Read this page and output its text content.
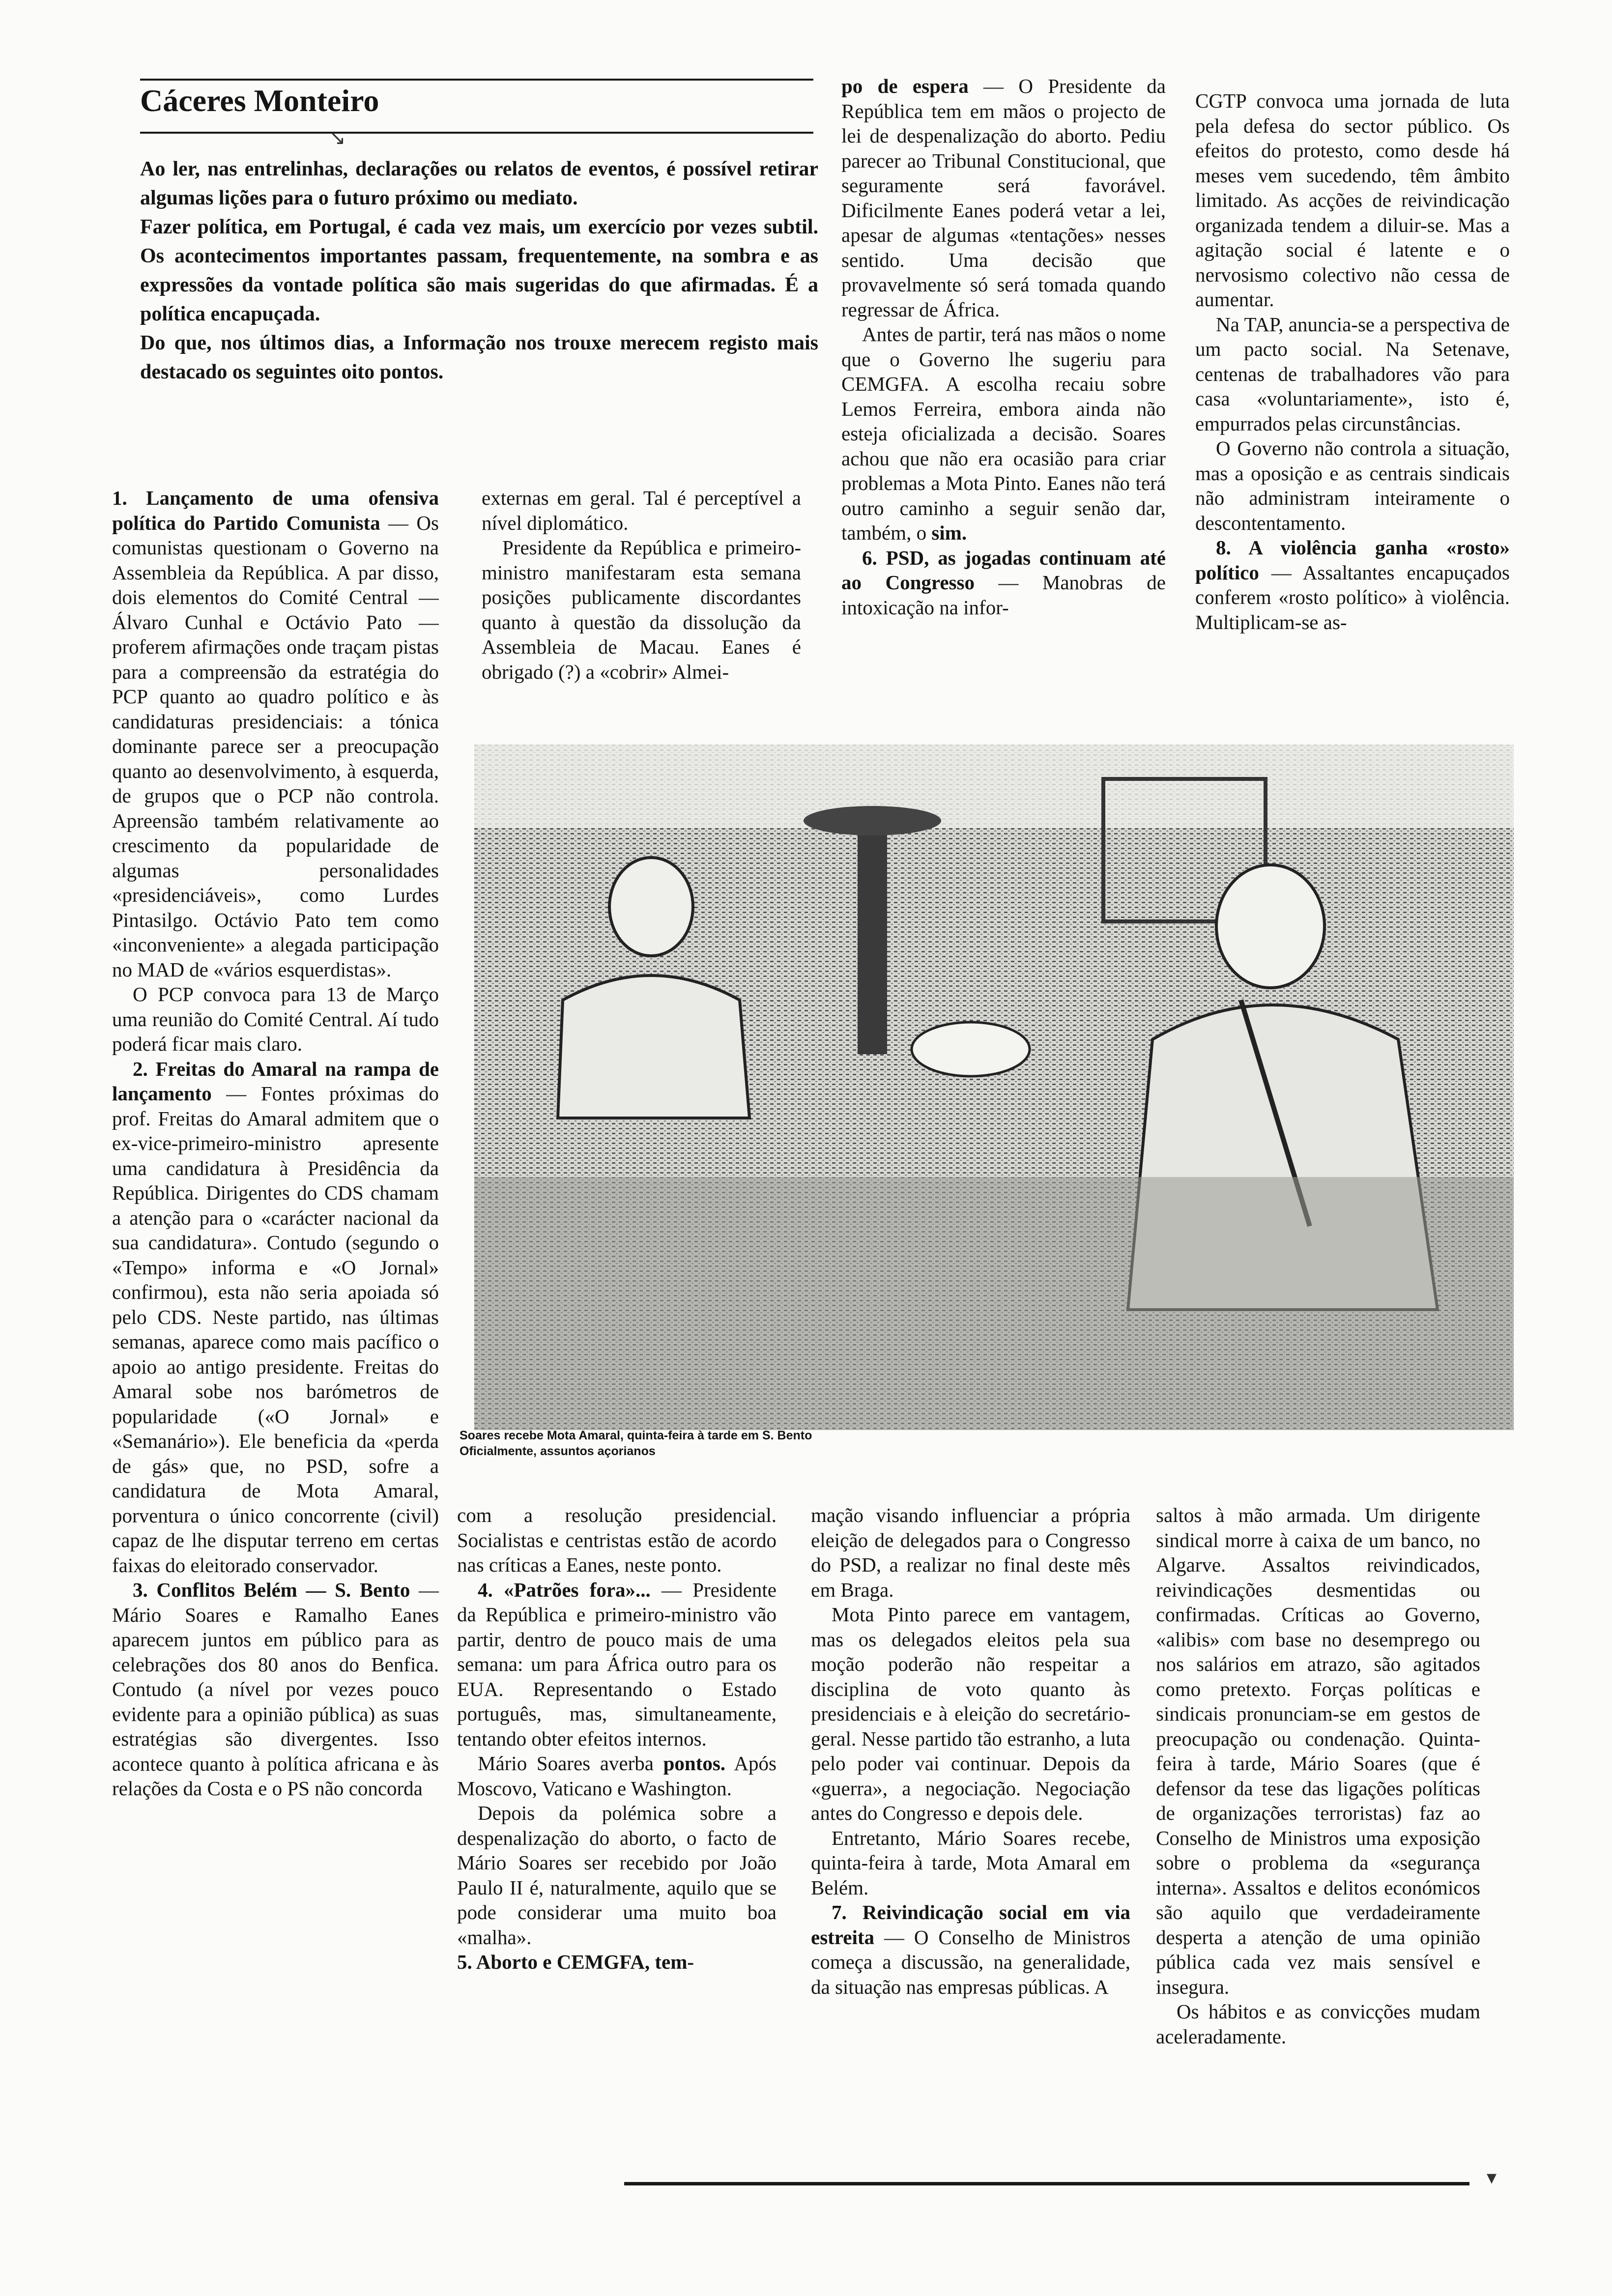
Cáceres Monteiro
↘

Ao ler, nas entrelinhas, declarações ou relatos de eventos, é possível retirar algumas lições para o futuro próximo ou mediato.

Fazer política, em Portugal, é cada vez mais, um exercício por vezes subtil. Os acontecimentos importantes passam, frequentemente, na sombra e as expressões da vontade política são mais sugeridas do que afirmadas. É a política encapuçada.

Do que, nos últimos dias, a Informação nos trouxe merecem registo mais destacado os seguintes oito pontos.

1. Lançamento de uma ofensiva política do Partido Comunista — Os comunistas questionam o Governo na Assembleia da República. A par disso, dois elementos do Comité Central — Álvaro Cunhal e Octávio Pato — proferem afirmações onde traçam pistas para a compreensão da estratégia do PCP quanto ao quadro político e às candidaturas presidenciais: a tónica dominante parece ser a preocupação quanto ao desenvolvimento, à esquerda, de grupos que o PCP não controla. Apreensão também relativamente ao crescimento da popularidade de algumas personalidades «presidenciáveis», como Lurdes Pintasilgo. Octávio Pato tem como «inconveniente» a alegada participação no MAD de «vários esquerdistas».

O PCP convoca para 13 de Março uma reunião do Comité Central. Aí tudo poderá ficar mais claro.

2. Freitas do Amaral na rampa de lançamento — Fontes próximas do prof. Freitas do Amaral admitem que o ex-vice-primeiro-ministro apresente uma candidatura à Presidência da República. Dirigentes do CDS chamam a atenção para o «carácter nacional da sua candidatura». Contudo (segundo o «Tempo» informa e «O Jornal» confirmou), esta não seria apoiada só pelo CDS. Neste partido, nas últimas semanas, aparece como mais pacífico o apoio ao antigo presidente. Freitas do Amaral sobe nos barómetros de popularidade («O Jornal» e «Semanário»). Ele beneficia da «perda de gás» que, no PSD, sofre a candidatura de Mota Amaral, porventura o único concorrente (civil) capaz de lhe disputar terreno em certas faixas do eleitorado conservador.

3. Conflitos Belém — S. Bento — Mário Soares e Ramalho Eanes aparecem juntos em público para as celebrações dos 80 anos do Benfica. Contudo (a nível por vezes pouco evidente para a opinião pública) as suas estratégias são divergentes. Isso acontece quanto à política africana e às relações da Costa e o PS não concorda

externas em geral. Tal é perceptível a nível diplomático.

Presidente da República e primeiro-ministro manifestaram esta semana posições publicamente discordantes quanto à questão da dissolução da Assembleia de Macau. Eanes é obrigado (?) a «cobrir» Almei-

po de espera — O Presidente da República tem em mãos o projecto de lei de despenalização do aborto. Pediu parecer ao Tribunal Constitucional, que seguramente será favorável. Dificilmente Eanes poderá vetar a lei, apesar de algumas «tentações» nesses sentido. Uma decisão que provavelmente só será tomada quando regressar de África.

Antes de partir, terá nas mãos o nome que o Governo lhe sugeriu para CEMGFA. A escolha recaiu sobre Lemos Ferreira, embora ainda não esteja oficializada a decisão. Soares achou que não era ocasião para criar problemas a Mota Pinto. Eanes não terá outro caminho a seguir senão dar, também, o sim.

6. PSD, as jogadas continuam até ao Congresso — Manobras de intoxicação na infor-

CGTP convoca uma jornada de luta pela defesa do sector público. Os efeitos do protesto, como desde há meses vem sucedendo, têm âmbito limitado. As acções de reivindicação organizada tendem a diluir-se. Mas a agitação social é latente e o nervosismo colectivo não cessa de aumentar.

Na TAP, anuncia-se a perspectiva de um pacto social. Na Setenave, centenas de trabalhadores vão para casa «voluntariamente», isto é, empurrados pelas circunstâncias.

O Governo não controla a situação, mas a oposição e as centrais sindicais não administram inteiramente o descontentamento.

8. A violência ganha «rosto» político — Assaltantes encapuçados conferem «rosto político» à violência. Multiplicam-se as-

Soares recebe Mota Amaral, quinta-feira à tarde em S. Bento
Oficialmente, assuntos açorianos

com a resolução presidencial. Socialistas e centristas estão de acordo nas críticas a Eanes, neste ponto.

4. «Patrões fora»... — Presidente da República e primeiro-ministro vão partir, dentro de pouco mais de uma semana: um para África outro para os EUA. Representando o Estado português, mas, simultaneamente, tentando obter efeitos internos.

Mário Soares averba pontos. Após Moscovo, Vaticano e Washington.

Depois da polémica sobre a despenalização do aborto, o facto de Mário Soares ser recebido por João Paulo II é, naturalmente, aquilo que se pode considerar uma muito boa «malha».

5. Aborto e CEMGFA, tem-

mação visando influenciar a própria eleição de delegados para o Congresso do PSD, a realizar no final deste mês em Braga.

Mota Pinto parece em vantagem, mas os delegados eleitos pela sua moção poderão não respeitar a disciplina de voto quanto às presidenciais e à eleição do secretário-geral. Nesse partido tão estranho, a luta pelo poder vai continuar. Depois da «guerra», a negociação. Negociação antes do Congresso e depois dele.

Entretanto, Mário Soares recebe, quinta-feira à tarde, Mota Amaral em Belém.

7. Reivindicação social em via estreita — O Conselho de Ministros começa a discussão, na generalidade, da situação nas empresas públicas. A

saltos à mão armada. Um dirigente sindical morre à caixa de um banco, no Algarve. Assaltos reivindicados, reivindicações desmentidas ou confirmadas. Críticas ao Governo, «alibis» com base no desemprego ou nos salários em atrazo, são agitados como pretexto. Forças políticas e sindicais pronunciam-se em gestos de preocupação ou condenação. Quinta-feira à tarde, Mário Soares (que é defensor da tese das ligações políticas de organizações terroristas) faz ao Conselho de Ministros uma exposição sobre o problema da «segurança interna». Assaltos e delitos económicos são aquilo que verdadeiramente desperta a atenção de uma opinião pública cada vez mais sensível e insegura.

Os hábitos e as convicções mudam aceleradamente.

▾
